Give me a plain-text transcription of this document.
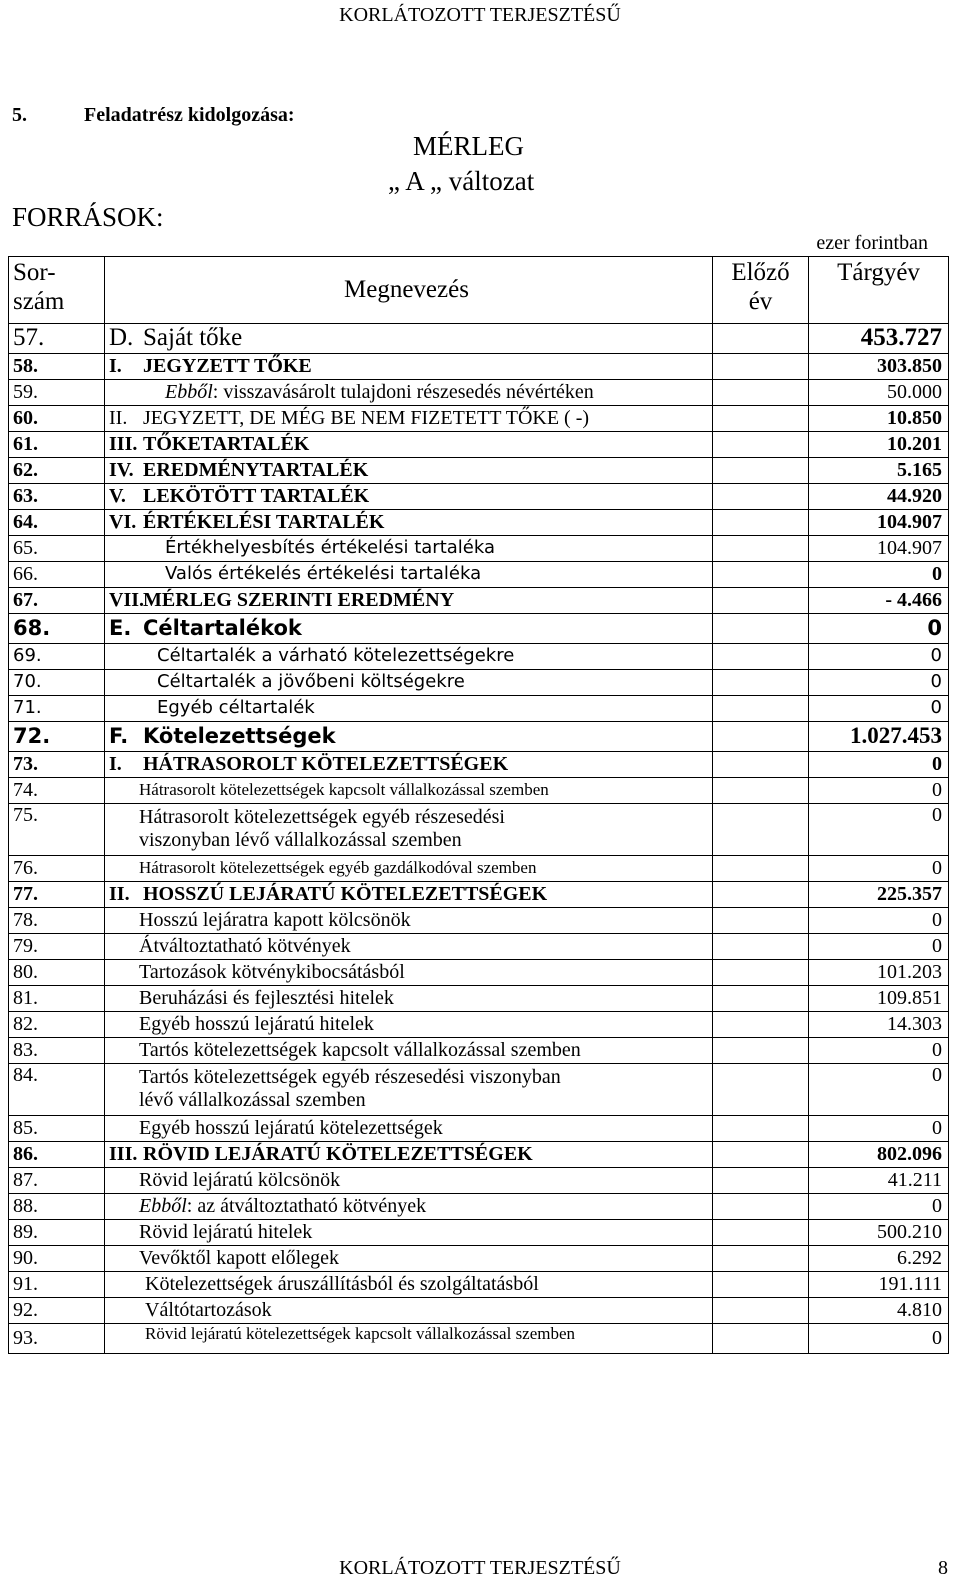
KORLÁTOZOTT TERJESZTÉSŰ
5.	Feladatrész kidolgozása:
MÉRLEG
„ A „ változat
FORRÁSOK:
ezer forintban
Sor-
szám	Megnevezés	Előző
év	Tárgyév
57.	D. Saját tőke		453.727
58.	I. JEGYZETT TŐKE		303.850
59.	Ebből: visszavásárolt tulajdoni részesedés névértéken		50.000
60.	II. JEGYZETT, DE MÉG BE NEM FIZETETT TŐKE ( -)		10.850
61.	III. TŐKETARTALÉK		10.201
62.	IV. EREDMÉNYTARTALÉK		5.165
63.	V. LEKÖTÖTT TARTALÉK		44.920
64.	VI. ÉRTÉKELÉSI TARTALÉK		104.907
65.	Értékhelyesbítés értékelési tartaléka		104.907
66.	Valós értékelés értékelési tartaléka		0
67.	VII.MÉRLEG SZERINTI EREDMÉNY		- 4.466
68.	E. Céltartalékok		0
69.	Céltartalék a várható kötelezettségekre		0
70.	Céltartalék a jövőbeni költségekre		0
71.	Egyéb céltartalék		0
72.	F. Kötelezettségek		1.027.453
73.	I. HÁTRASOROLT KÖTELEZETTSÉGEK		0
74.	Hátrasorolt kötelezettségek kapcsolt vállalkozással szemben		0
75.	Hátrasorolt kötelezettségek egyéb részesedési
viszonyban lévő vállalkozással szemben		0
76.	Hátrasorolt kötelezettségek egyéb gazdálkodóval szemben		0
77.	II. HOSSZÚ LEJÁRATÚ KÖTELEZETTSÉGEK		225.357
78.	Hosszú lejáratra kapott kölcsönök		0
79.	Átváltoztatható kötvények		0
80.	Tartozások kötvénykibocsátásból		101.203
81.	Beruházási és fejlesztési hitelek		109.851
82.	Egyéb hosszú lejáratú hitelek		14.303
83.	Tartós kötelezettségek kapcsolt vállalkozással szemben		0
84.	Tartós kötelezettségek egyéb részesedési viszonyban
lévő vállalkozással szemben		0
85.	Egyéb hosszú lejáratú kötelezettségek		0
86.	III. RÖVID LEJÁRATÚ KÖTELEZETTSÉGEK		802.096
87.	Rövid lejáratú kölcsönök		41.211
88.	Ebből: az átváltoztatható kötvények		0
89.	Rövid lejáratú hitelek		500.210
90.	Vevőktől kapott előlegek		6.292
91.	Kötelezettségek áruszállításból és szolgáltatásból		191.111
92.	Váltótartozások		4.810
93.	Rövid lejáratú kötelezettségek kapcsolt vállalkozással szemben		0
KORLÁTOZOTT TERJESZTÉSŰ	8
